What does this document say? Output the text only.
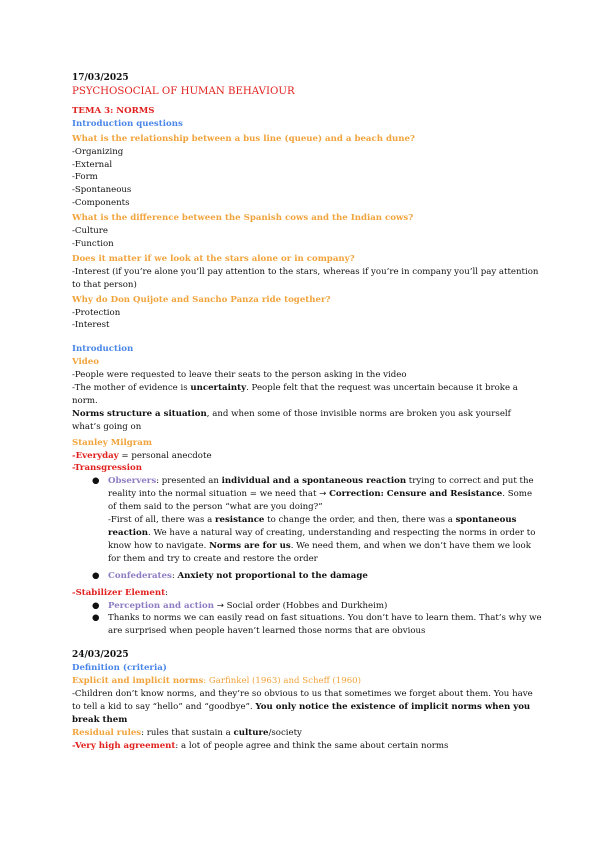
17/03/2025

PSYCHOSOCIAL OF HUMAN BEHAVIOUR

TEMA 3: NORMS

Introduction questions

What is the relationship between a bus line (queue) and a beach dune?

-Organizing

-External

-Form

-Spontaneous

-Components

What is the difference between the Spanish cows and the Indian cows?

-Culture

-Function

Does it matter if we look at the stars alone or in company?

-Interest (if you’re alone you’ll pay attention to the stars, whereas if you’re in company you’ll pay attention to that person)

Why do Don Quijote and Sancho Panza ride together?

-Protection

-Interest

Introduction

Video

-People were requested to leave their seats to the person asking in the video

-The mother of evidence is uncertainty. People felt that the request was uncertain because it broke a norm.

Norms structure a situation, and when some of those invisible norms are broken you ask yourself what’s going on

Stanley Milgram

-Everyday = personal anecdote

-Transgression

● Observers: presented an individual and a spontaneous reaction trying to correct and put the reality into the normal situation = we need that → Correction: Censure and Resistance. Some of them said to the person “what are you doing?”

-First of all, there was a resistance to change the order, and then, there was a spontaneous reaction. We have a natural way of creating, understanding and respecting the norms in order to know how to navigate. Norms are for us. We need them, and when we don’t have them we look for them and try to create and restore the order

● Confederates: Anxiety not proportional to the damage

-Stabilizer Element:

● Perception and action → Social order (Hobbes and Durkheim)
● Thanks to norms we can easily read on fast situations. You don’t have to learn them. That’s why we are surprised when people haven’t learned those norms that are obvious

24/03/2025

Definition (criteria)

Explicit and implicit norms: Garfinkel (1963) and Scheff (1960)

-Children don’t know norms, and they’re so obvious to us that sometimes we forget about them. You have to tell a kid to say “hello” and “goodbye”. You only notice the existence of implicit norms when you break them

Residual rules: rules that sustain a culture/society

-Very high agreement: a lot of people agree and think the same about certain norms
